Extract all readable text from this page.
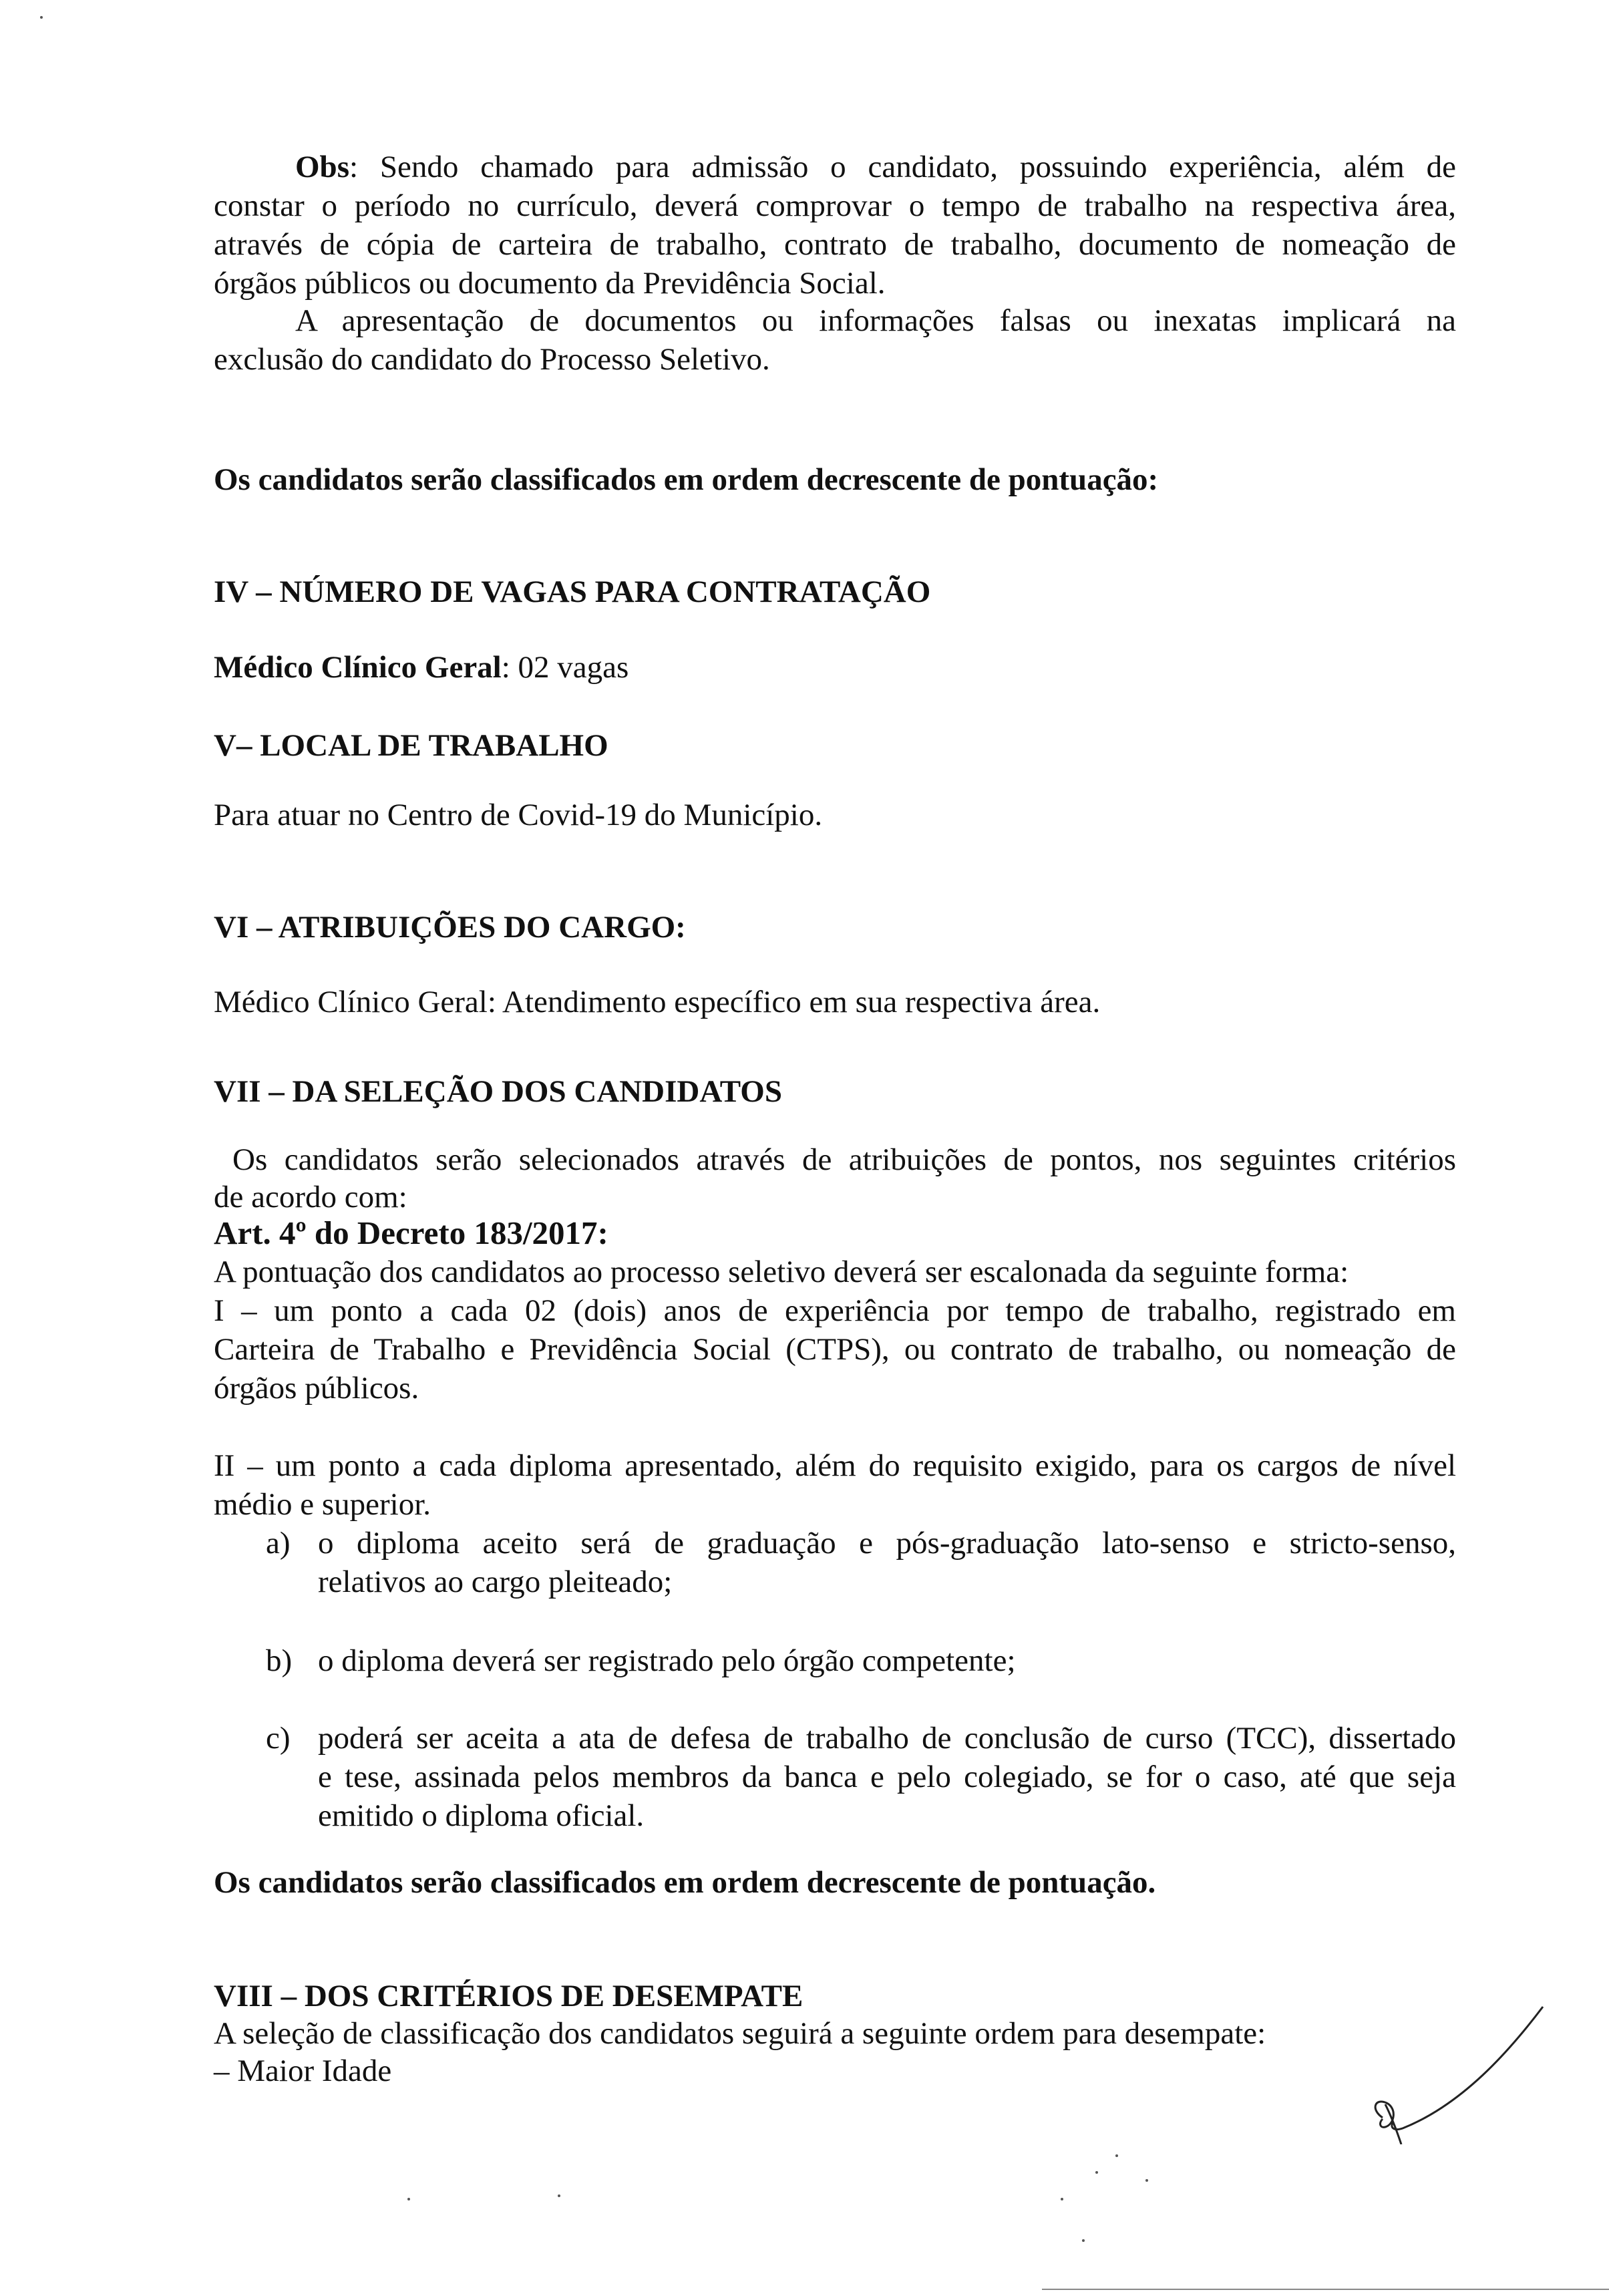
Obs: Sendo chamado para admissão o candidato, possuindo experiência, além de
constar o período no currículo, deverá comprovar o tempo de trabalho na respectiva área,
através de cópia de carteira de trabalho, contrato de trabalho, documento de nomeação de
órgãos públicos ou documento da Previdência Social.
A apresentação de documentos ou informações falsas ou inexatas implicará na
exclusão do candidato do Processo Seletivo.
Os candidatos serão classificados em ordem decrescente de pontuação:
IV – NÚMERO DE VAGAS PARA CONTRATAÇÃO
Médico Clínico Geral: 02 vagas
V– LOCAL DE TRABALHO
Para atuar no Centro de Covid-19 do Município.
VI – ATRIBUIÇÕES DO CARGO:
Médico Clínico Geral: Atendimento específico em sua respectiva área.
VII – DA SELEÇÃO DOS CANDIDATOS
Os candidatos serão selecionados através de atribuições de pontos, nos seguintes critérios
de acordo com:
Art. 4º do Decreto 183/2017:
A pontuação dos candidatos ao processo seletivo deverá ser escalonada da seguinte forma:
I – um ponto a cada 02 (dois) anos de experiência por tempo de trabalho, registrado em
Carteira de Trabalho e Previdência Social (CTPS), ou contrato de trabalho, ou nomeação de
órgãos públicos.
II – um ponto a cada diploma apresentado, além do requisito exigido, para os cargos de nível
médio e superior.
a) o diploma aceito será de graduação e pós-graduação lato-senso e stricto-senso,
relativos ao cargo pleiteado;
b) o diploma deverá ser registrado pelo órgão competente;
c) poderá ser aceita a ata de defesa de trabalho de conclusão de curso (TCC), dissertado
e tese, assinada pelos membros da banca e pelo colegiado, se for o caso, até que seja
emitido o diploma oficial.
Os candidatos serão classificados em ordem decrescente de pontuação.
VIII – DOS CRITÉRIOS DE DESEMPATE
A seleção de classificação dos candidatos seguirá a seguinte ordem para desempate:
– Maior Idade
